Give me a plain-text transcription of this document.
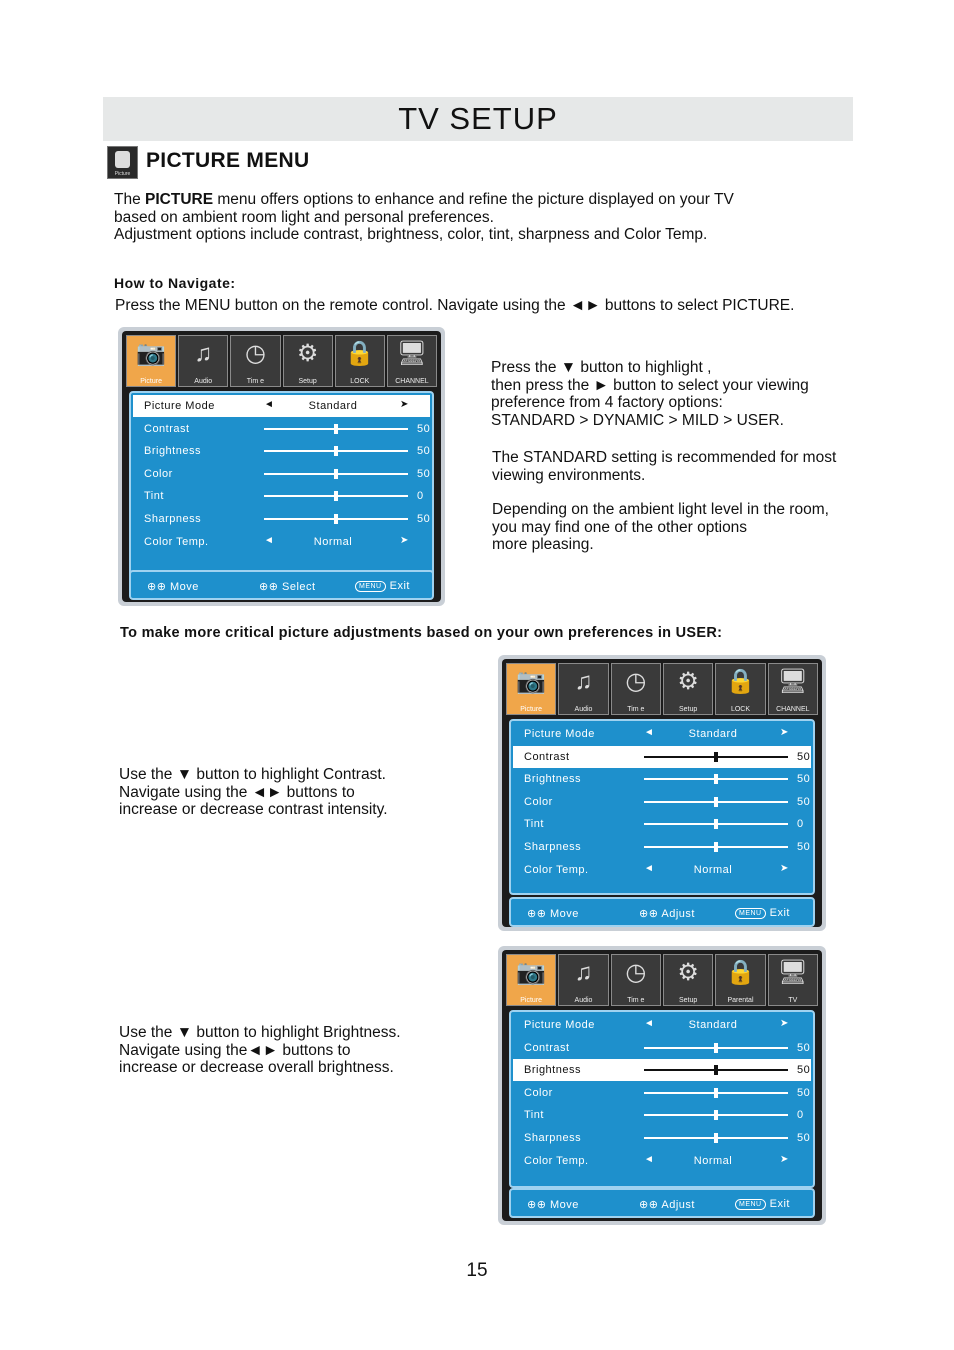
TV SETUP
Picture
PICTURE MENU
The PICTURE menu offers options to enhance and refine the picture displayed on your TV
based on ambient room light and personal preferences.
Adjustment options include contrast, brightness, color, tint, sharpness and Color Temp.
How to Navigate:
Press the MENU button on the remote control. Navigate using the ◄► buttons to select PICTURE.
Press the ▼ button to highlight ,
then press the ► button to select your viewing
preference from 4 factory options:
STANDARD > DYNAMIC > MILD > USER.
The STANDARD setting is recommended for most
viewing environments.
Depending on the ambient light level in the room,
you may find one of the other options
more pleasing.
To make more critical picture adjustments based on your own preferences in USER:
Use the ▼ button to highlight Contrast.
Navigate using the ◄► buttons to
increase or decrease contrast intensity.
Use the ▼ button to highlight Brightness.
Navigate using the◄► buttons to
increase or decrease overall brightness.
15
📷
Picture
♫
Audio
◷
Tim e
⚙
Setup
🔒
LOCK
🖥
CHANNEL
Picture Mode	◄	Standard	➤
Contrast	50
Brightness	50
Color	50
Tint	0
Sharpness	50
Color Temp.	◄	Normal	➤
⊕⊕ Move	⊕⊕ Select	MENU Exit
📷
Picture
♫
Audio
◷
Tim e
⚙
Setup
🔒
LOCK
🖥
CHANNEL
Picture Mode	◄	Standard	➤
Contrast	50
Brightness	50
Color	50
Tint	0
Sharpness	50
Color Temp.	◄	Normal	➤
⊕⊕ Move	⊕⊕ Adjust	MENU Exit
📷
Picture
♫
Audio
◷
Tim e
⚙
Setup
🔒
Parental
🖥
TV
Picture Mode	◄	Standard	➤
Contrast	50
Brightness	50
Color	50
Tint	0
Sharpness	50
Color Temp.	◄	Normal	➤
⊕⊕ Move	⊕⊕ Adjust	MENU Exit
